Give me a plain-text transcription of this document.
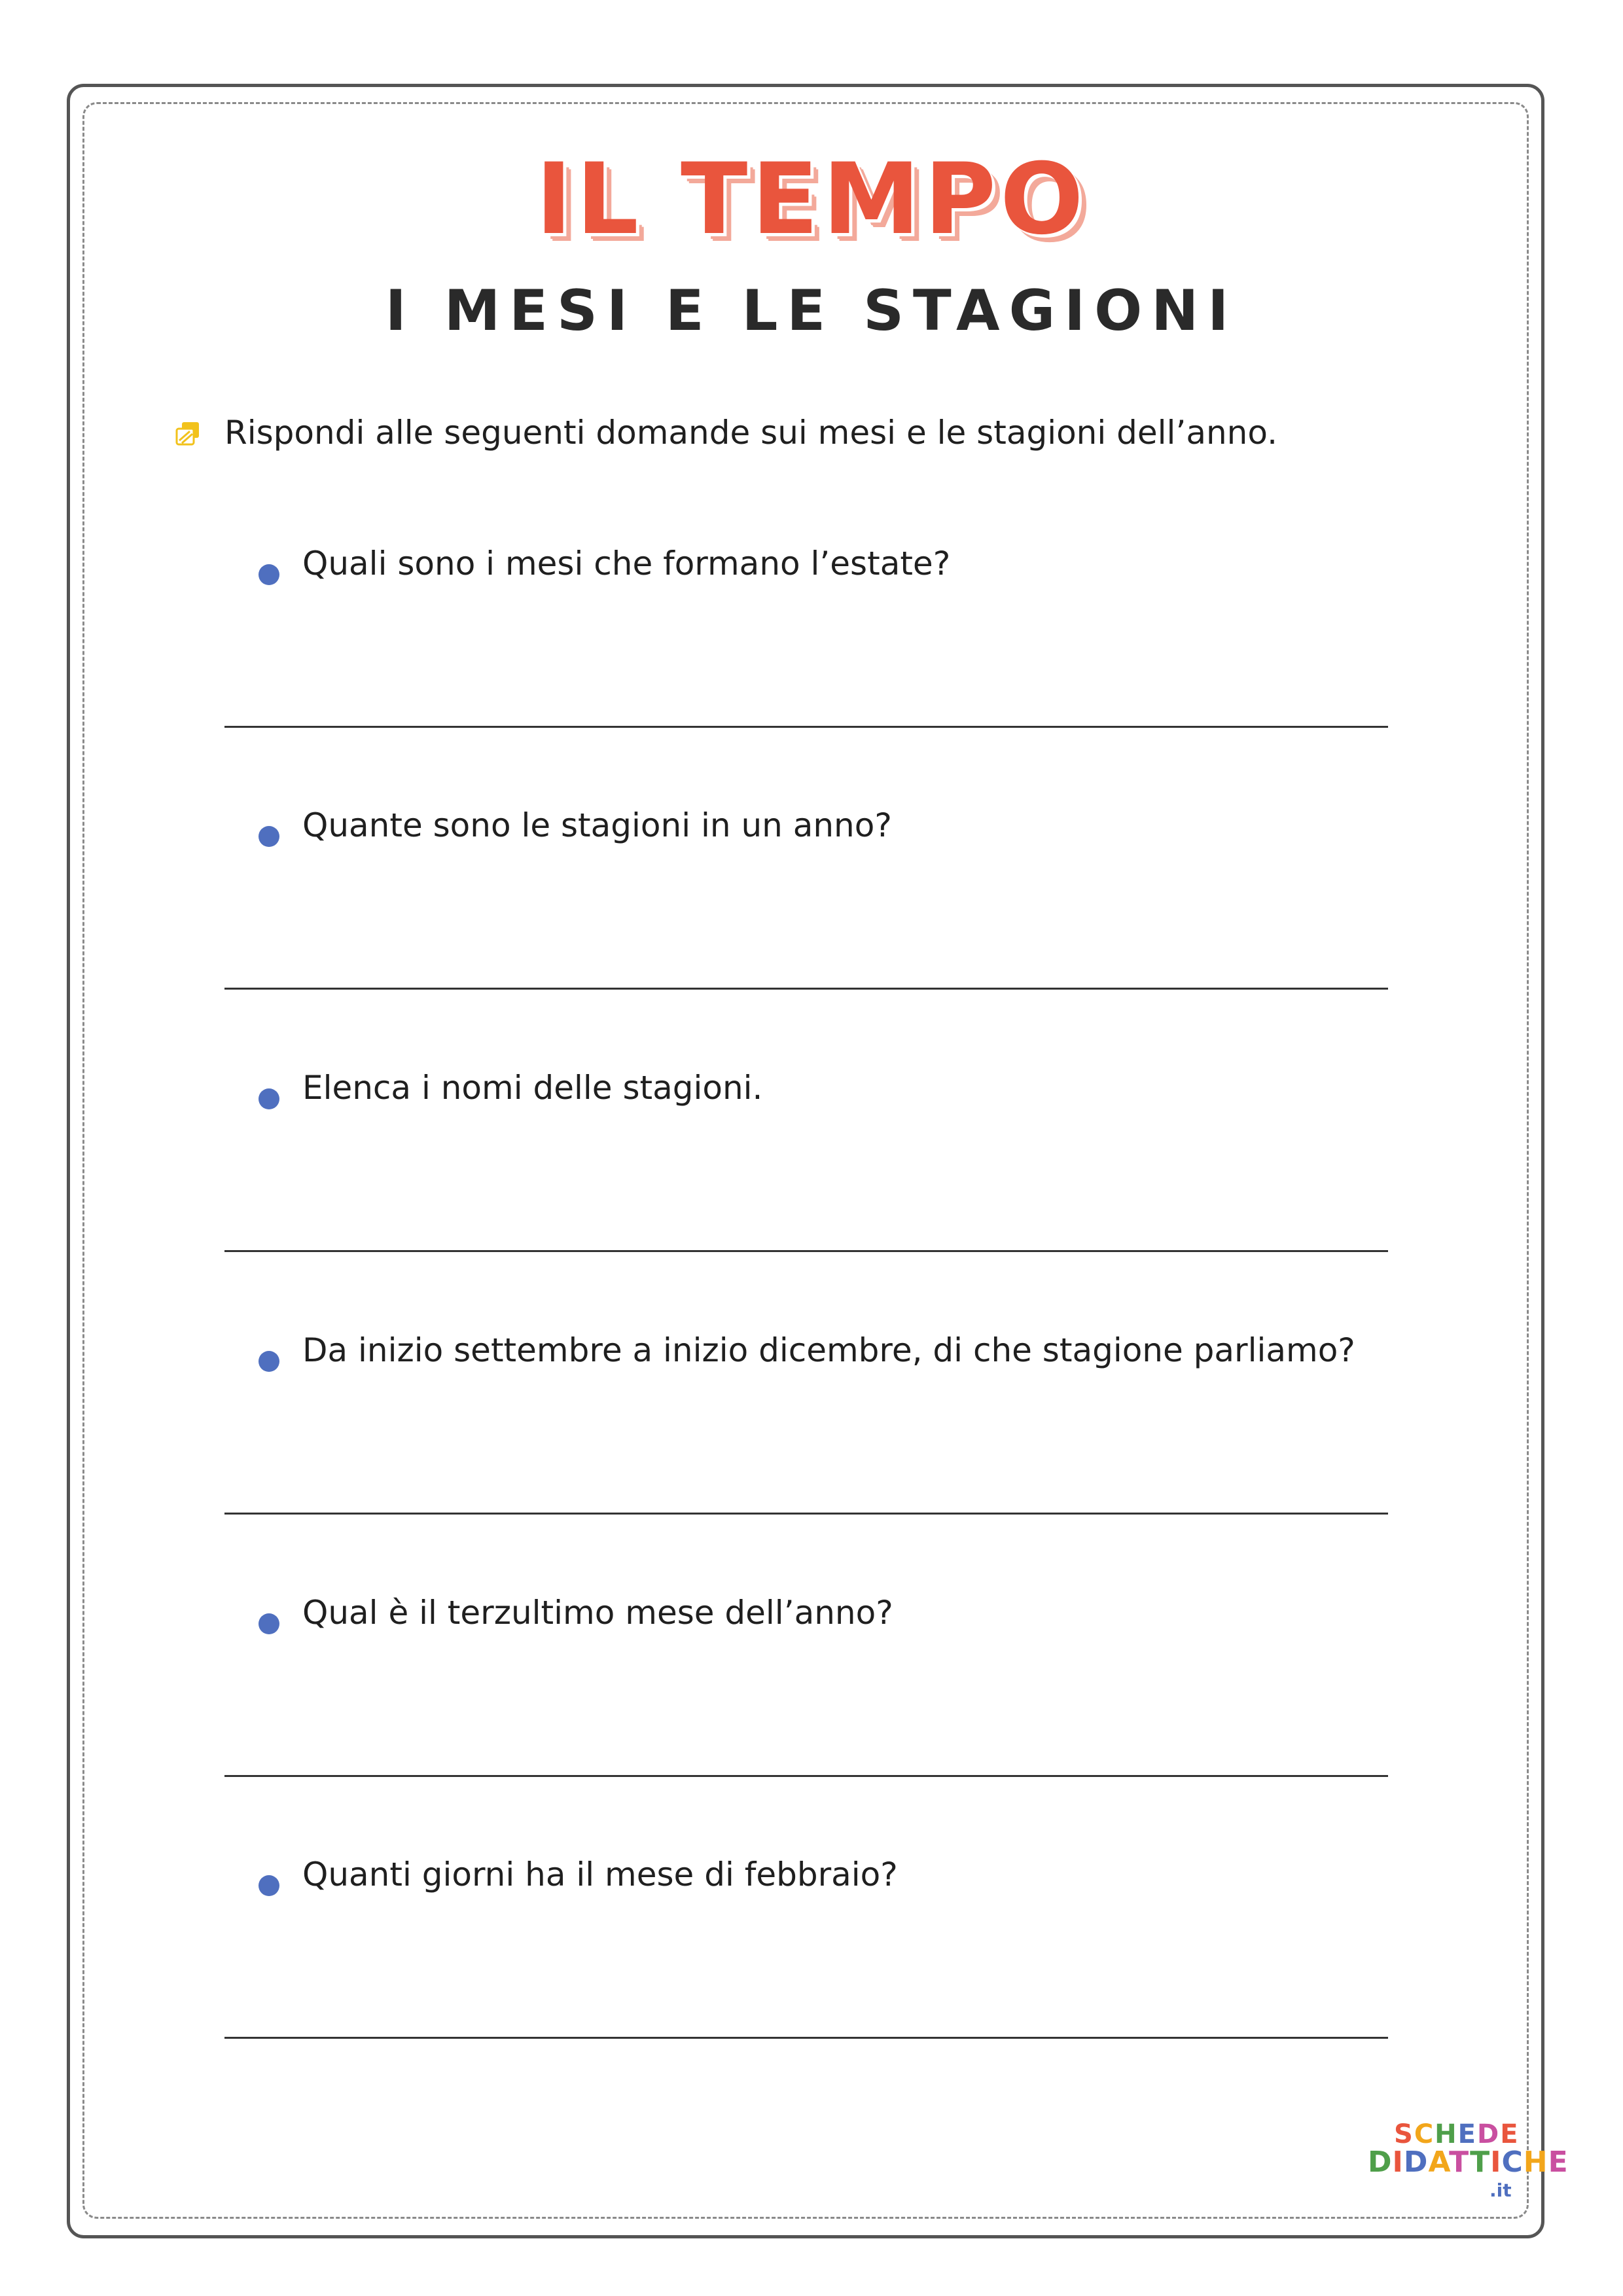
IL TEMPO
I MESI E LE STAGIONI
Rispondi alle seguenti domande sui mesi e le stagioni dell’anno.
Quali sono i mesi che formano l’estate?
Quante sono le stagioni in un anno?
Elenca i nomi delle stagioni.
Da inizio settembre a inizio dicembre, di che stagione parliamo?
Qual è il terzultimo mese dell’anno?
Quanti giorni ha il mese di febbraio?
SCHEDE
DIDATTICHE
.it
